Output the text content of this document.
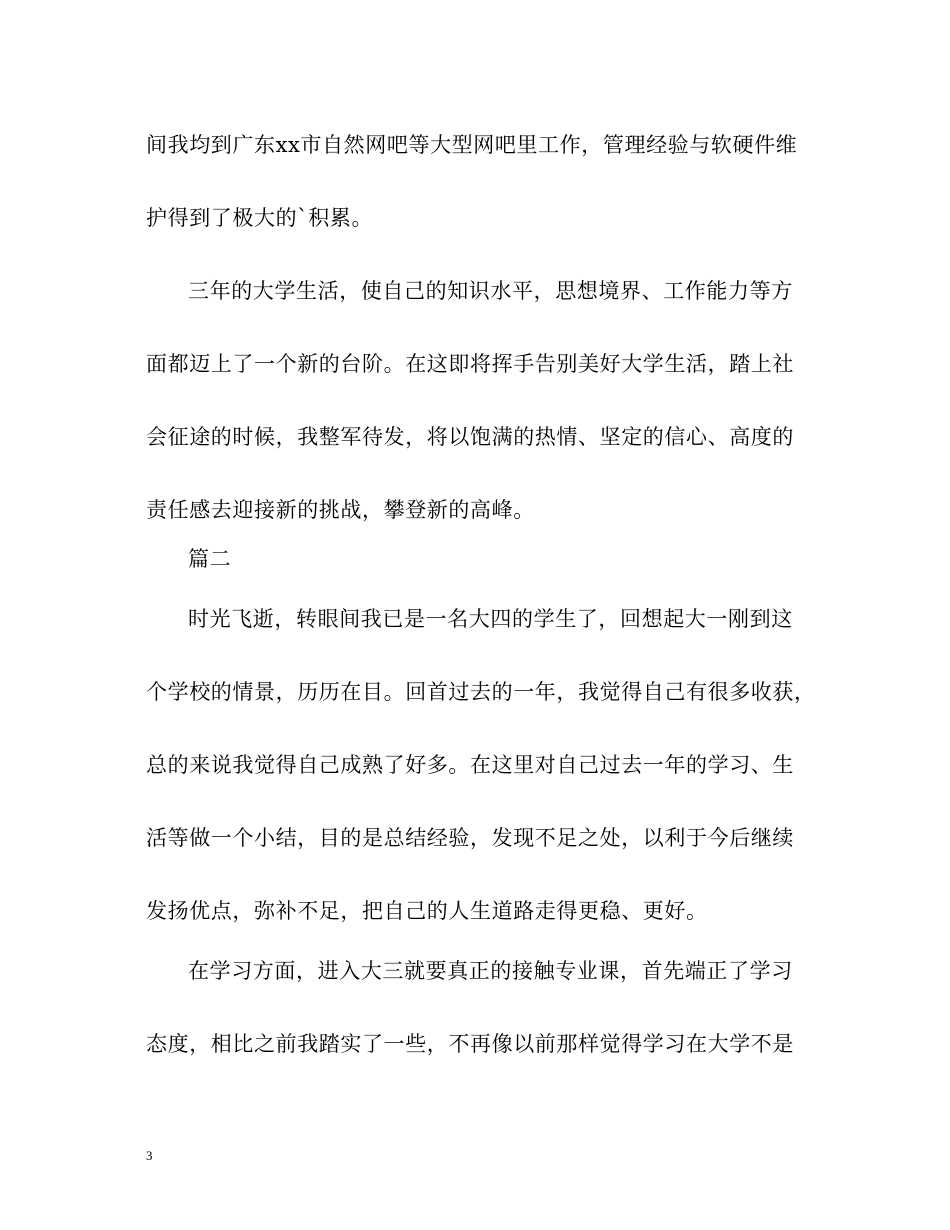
间我均到广东xx市自然网吧等大型网吧里工作，管理经验与软硬件维
护得到了极大的`积累。
三年的大学生活，使自己的知识水平，思想境界、工作能力等方
面都迈上了一个新的台阶。在这即将挥手告别美好大学生活，踏上社
会征途的时候，我整军待发，将以饱满的热情、坚定的信心、高度的
责任感去迎接新的挑战，攀登新的高峰。
篇二
时光飞逝，转眼间我已是一名大四的学生了，回想起大一刚到这
个学校的情景，历历在目。回首过去的一年，我觉得自己有很多收获，
总的来说我觉得自己成熟了好多。在这里对自己过去一年的学习、生
活等做一个小结，目的是总结经验，发现不足之处，以利于今后继续
发扬优点，弥补不足，把自己的人生道路走得更稳、更好。
在学习方面，进入大三就要真正的接触专业课，首先端正了学习
态度，相比之前我踏实了一些，不再像以前那样觉得学习在大学不是
3
